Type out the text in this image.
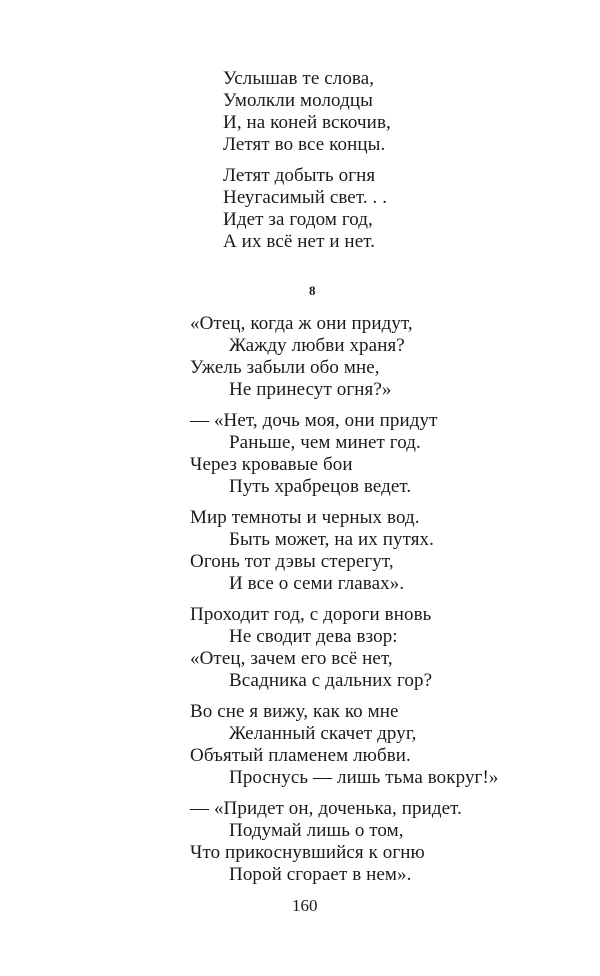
Услышав те слова,
Умолкли молодцы
И, на коней вскочив,
Летят во все концы.
Летят добыть огня
Неугасимый свет. . .
Идет за годом год,
А их всё нет и нет.
8
«Отец, когда ж они придут,
Жажду любви храня?
Ужель забыли обо мне,
Не принесут огня?»
— «Нет, дочь моя, они придут
Раньше, чем минет год.
Через кровавые бои
Путь храбрецов ведет.
Мир темноты и черных вод.
Быть может, на их путях.
Огонь тот дэвы стерегут,
И все о семи главах».
Проходит год, с дороги вновь
Не сводит дева взор:
«Отец, зачем его всё нет,
Всадника с дальних гор?
Во сне я вижу, как ко мне
Желанный скачет друг,
Объятый пламенем любви.
Проснусь — лишь тьма вокруг!»
— «Придет он, доченька, придет.
Подумай лишь о том,
Что прикоснувшийся к огню
Порой сгорает в нем».
160
